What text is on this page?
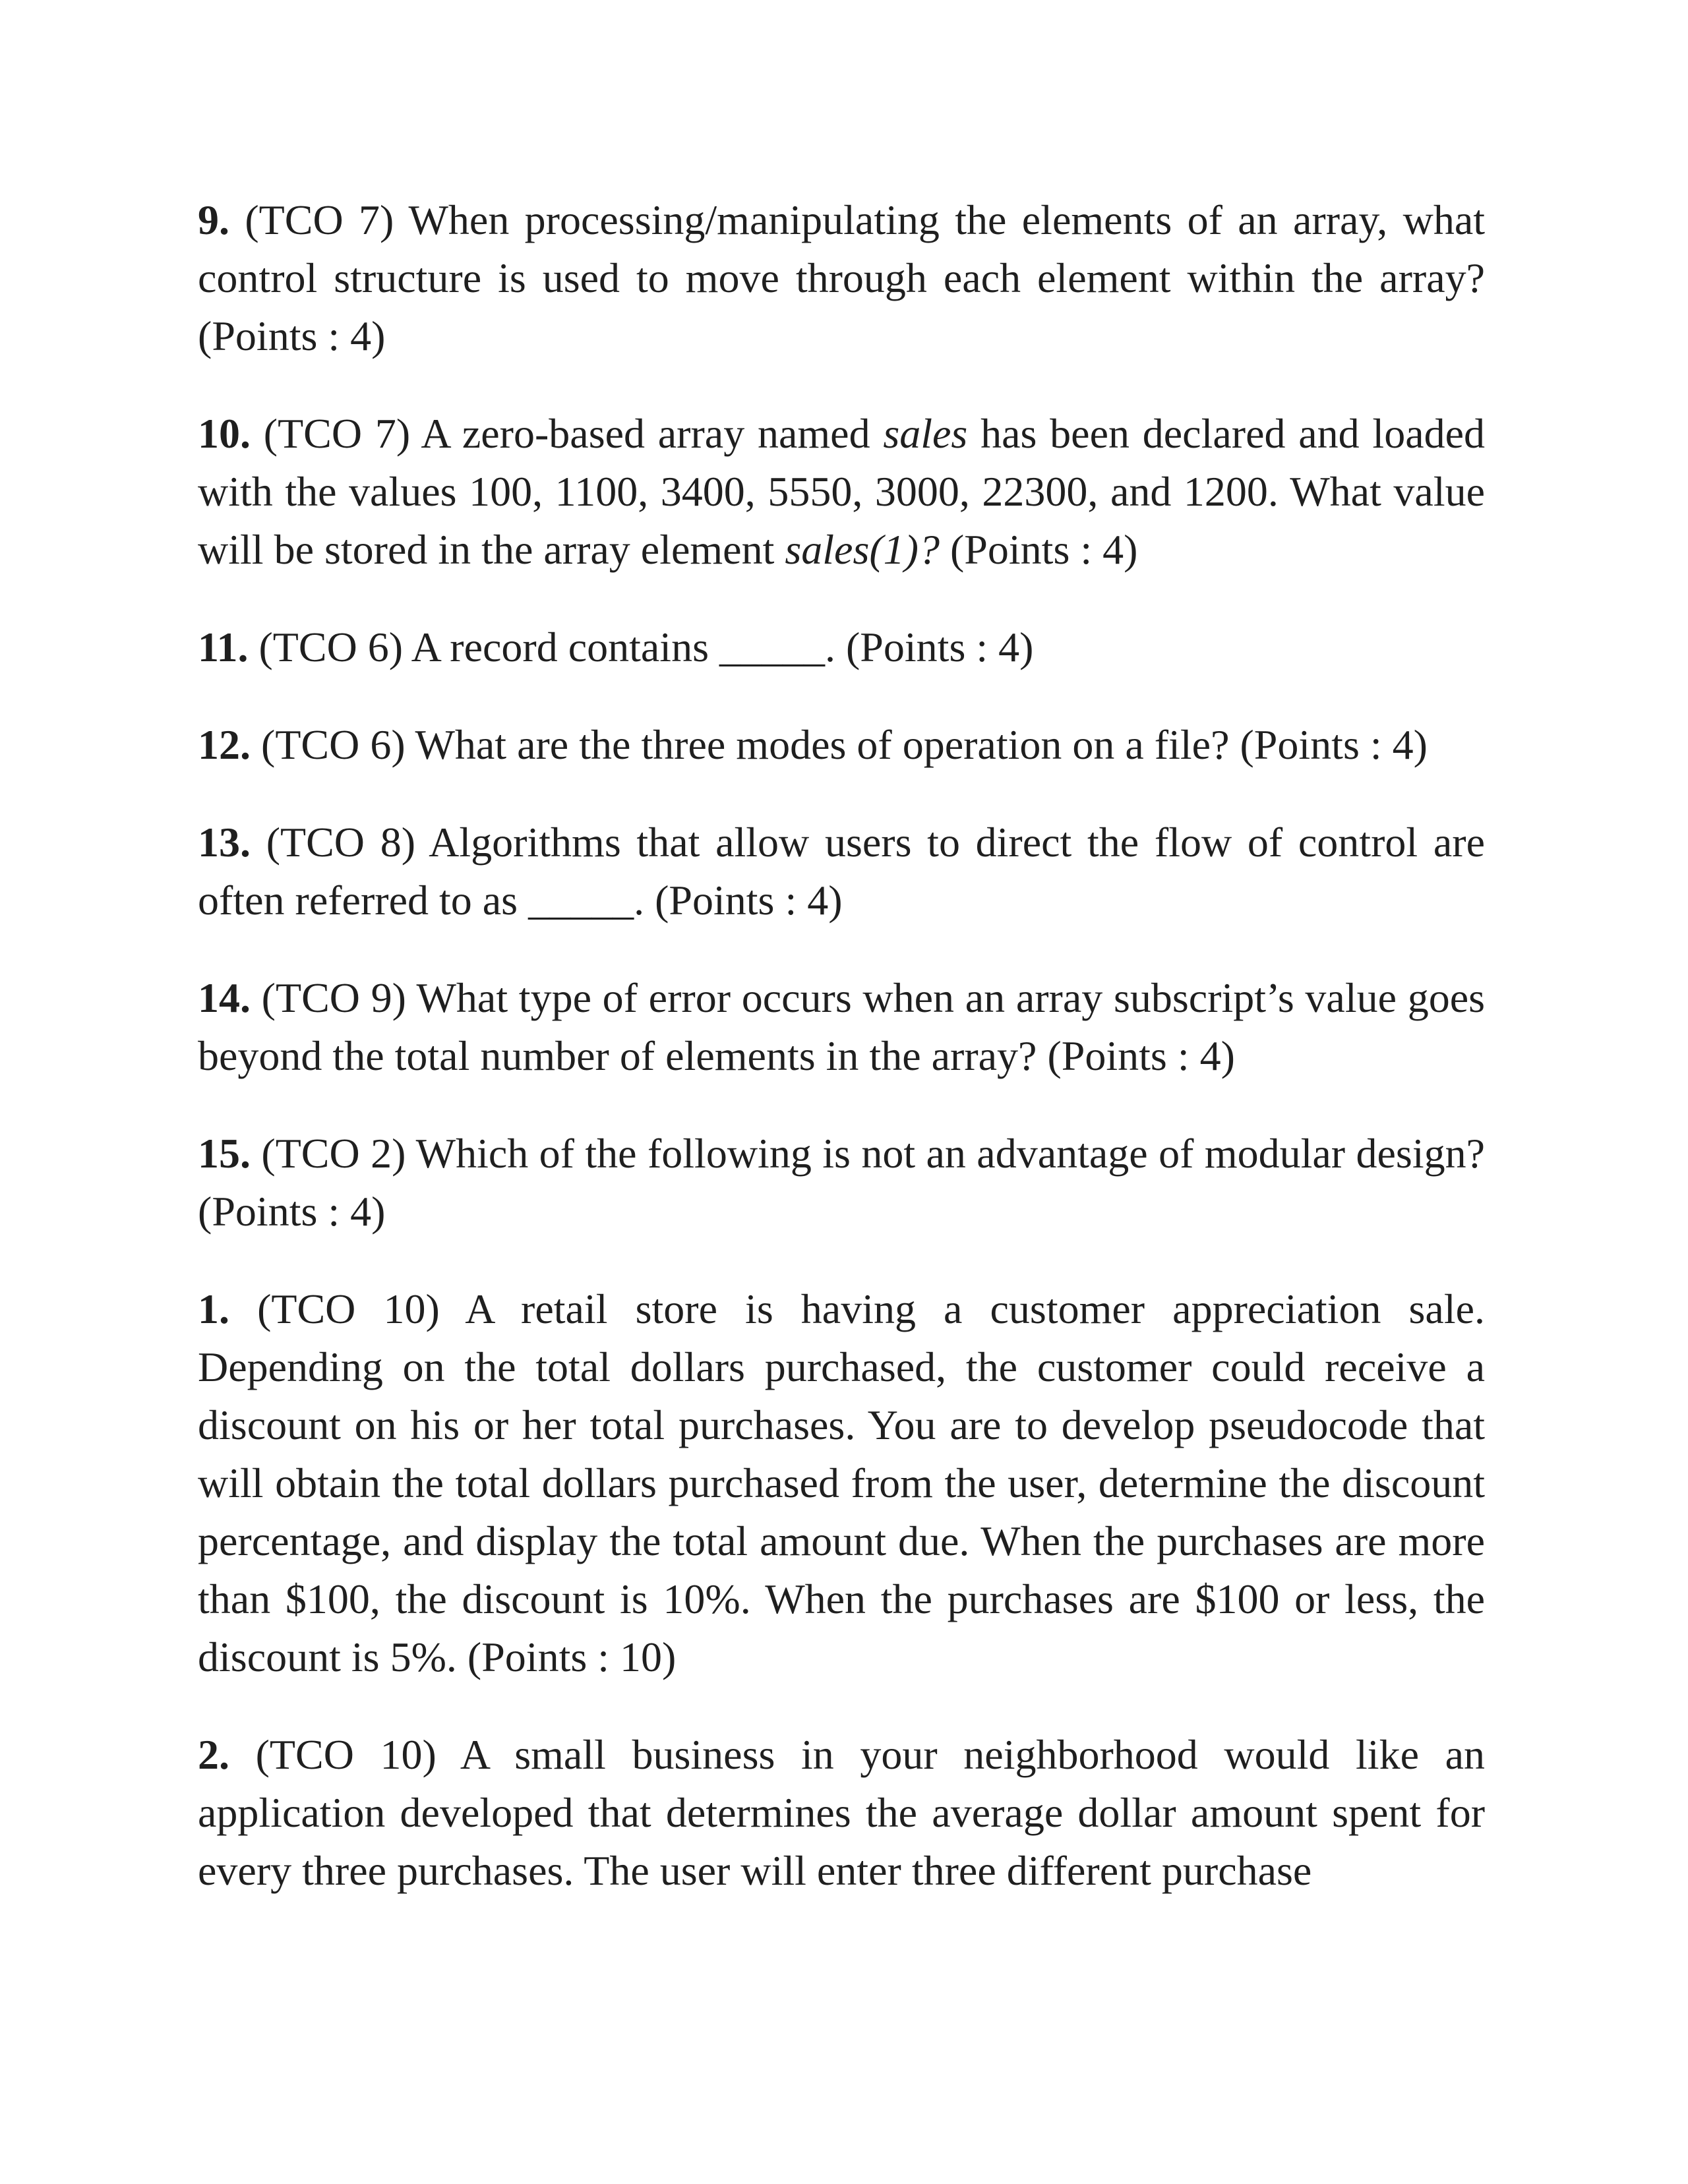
9. (TCO 7) When processing/manipulating the elements of an array, what control structure is used to move through each element within the array? (Points : 4)

10. (TCO 7) A zero-based array named sales has been declared and loaded with the values 100, 1100, 3400, 5550, 3000, 22300, and 1200. What value will be stored in the array element sales(1)? (Points : 4)

11. (TCO 6) A record contains _____. (Points : 4)

12. (TCO 6) What are the three modes of operation on a file? (Points : 4)

13. (TCO 8) Algorithms that allow users to direct the flow of control are often referred to as _____. (Points : 4)

14. (TCO 9) What type of error occurs when an array subscript’s value goes beyond the total number of elements in the array? (Points : 4)

15. (TCO 2) Which of the following is not an advantage of modular design? (Points : 4)

1. (TCO 10) A retail store is having a customer appreciation sale. Depending on the total dollars purchased, the customer could receive a discount on his or her total purchases. You are to develop pseudocode that will obtain the total dollars purchased from the user, determine the discount percentage, and display the total amount due. When the purchases are more than $100, the discount is 10%. When the purchases are $100 or less, the discount is 5%. (Points : 10)

2. (TCO 10) A small business in your neighborhood would like an application developed that determines the average dollar amount spent for every three purchases. The user will enter three different purchase
